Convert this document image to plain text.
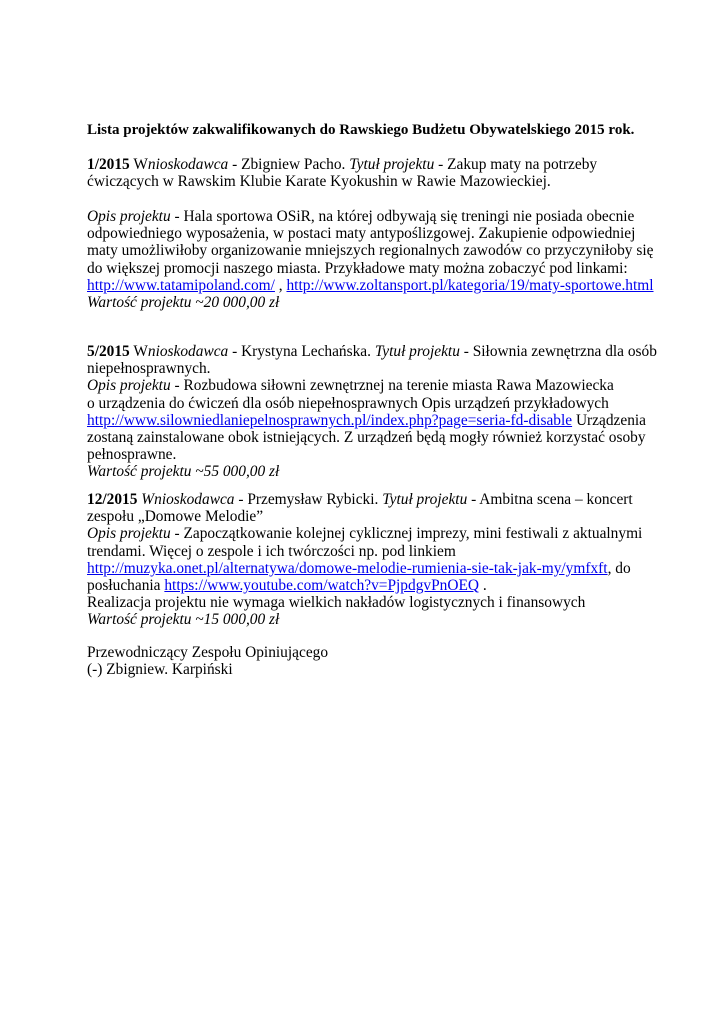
Lista projektów zakwalifikowanych do Rawskiego Budżetu Obywatelskiego 2015 rok.

1/2015 Wnioskodawca - Zbigniew Pacho. Tytuł projektu - Zakup maty na potrzeby

ćwiczących w Rawskim Klubie Karate Kyokushin w Rawie Mazowieckiej.

Opis projektu - Hala sportowa OSiR, na której odbywają się treningi nie posiada obecnie

odpowiedniego wyposażenia, w postaci maty antypoślizgowej. Zakupienie odpowiedniej

maty umożliwiłoby organizowanie mniejszych regionalnych zawodów co przyczyniłoby się

do większej promocji naszego miasta. Przykładowe maty można zobaczyć pod linkami:

http://www.tatamipoland.com/ , http://www.zoltansport.pl/kategoria/19/maty-sportowe.html

Wartość projektu ~20 000,00 zł

5/2015 Wnioskodawca - Krystyna Lechańska. Tytuł projektu - Siłownia zewnętrzna dla osób

niepełnosprawnych.

Opis projektu - Rozbudowa siłowni zewnętrznej na terenie miasta Rawa Mazowiecka

o urządzenia do ćwiczeń dla osób niepełnosprawnych Opis urządzeń przykładowych

http://www.silowniedlaniepelnosprawnych.pl/index.php?page=seria-fd-disable Urządzenia

zostaną zainstalowane obok istniejących. Z urządzeń będą mogły również korzystać osoby

pełnosprawne.

Wartość projektu ~55 000,00 zł

12/2015 Wnioskodawca - Przemysław Rybicki. Tytuł projektu - Ambitna scena – koncert

zespołu „Domowe Melodie”

Opis projektu - Zapoczątkowanie kolejnej cyklicznej imprezy, mini festiwali z aktualnymi

trendami. Więcej o zespole i ich twórczości np. pod linkiem

http://muzyka.onet.pl/alternatywa/domowe-melodie-rumienia-sie-tak-jak-my/ymfxft, do

posłuchania https://www.youtube.com/watch?v=PjpdgvPnOEQ .

Realizacja projektu nie wymaga wielkich nakładów logistycznych i finansowych

Wartość projektu ~15 000,00 zł

Przewodniczący Zespołu Opiniującego

(-) Zbigniew. Karpiński
